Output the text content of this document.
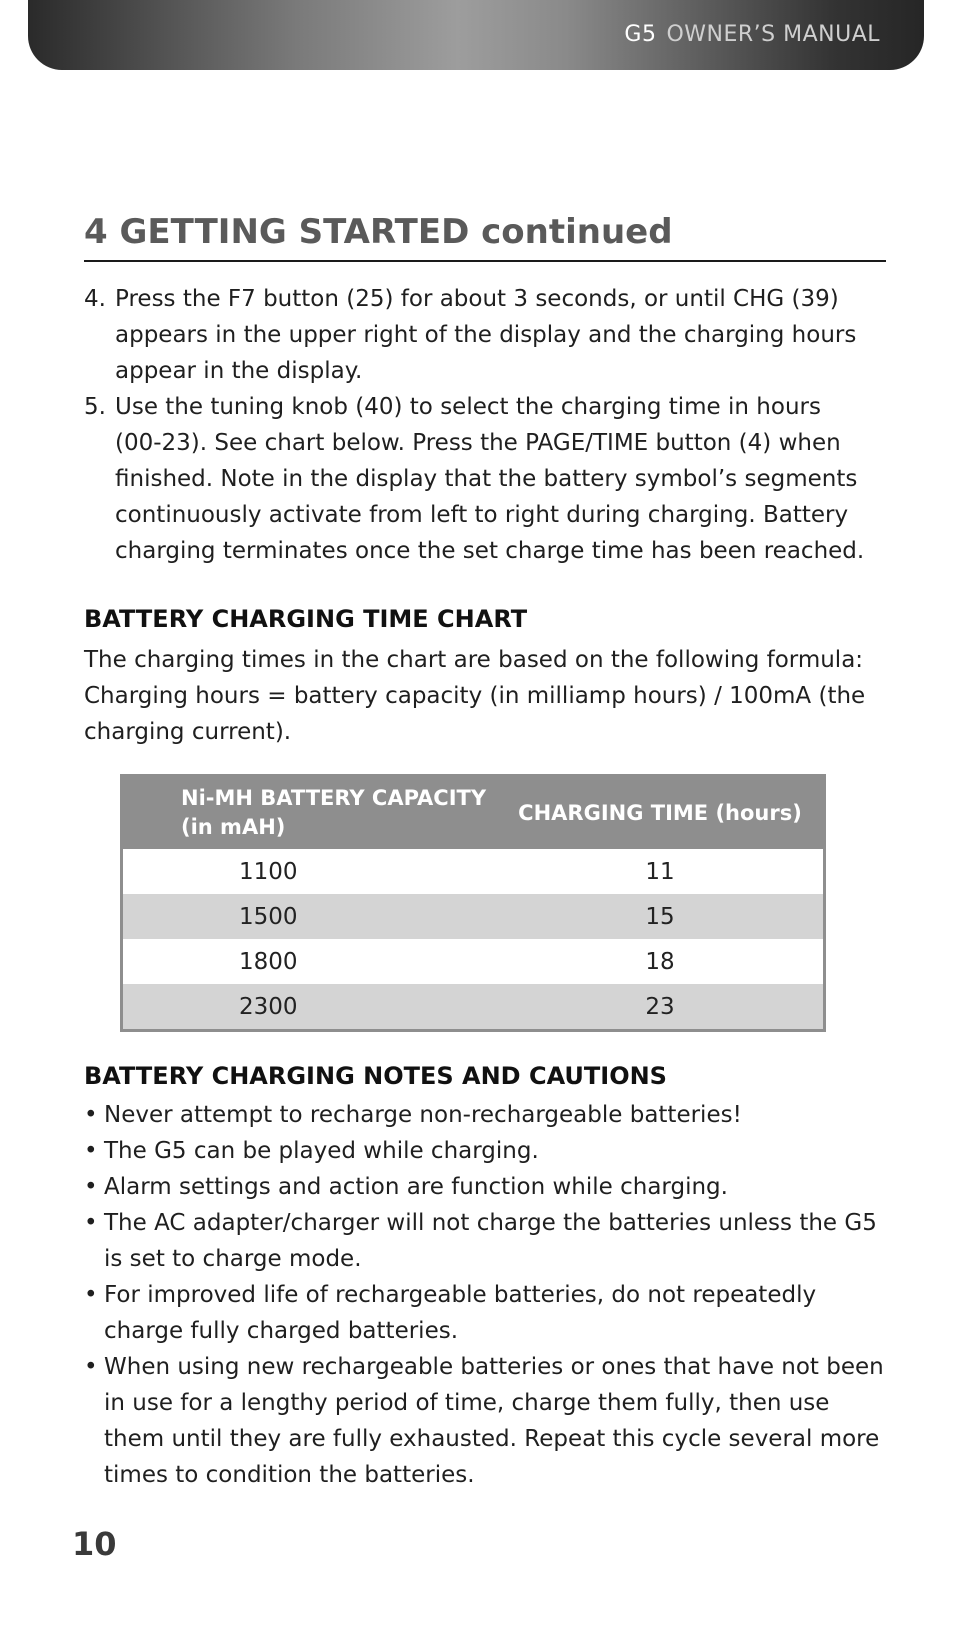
G5 OWNER’S MANUAL
4 GETTING STARTED continued
4. Press the F7 button (25) for about 3 seconds, or until CHG (39) appears in the upper right of the display and the charging hours appear in the display.
5. Use the tuning knob (40) to select the charging time in hours (00-23). See chart below. Press the PAGE/TIME button (4) when finished. Note in the display that the battery symbol’s segments continuously activate from left to right during charging. Battery charging terminates once the set charge time has been reached.
BATTERY CHARGING TIME CHART

The charging times in the chart are based on the following formula: Charging hours = battery capacity (in milliamp hours) / 100mA (the charging current).

Ni-MH BATTERY CAPACITY (in mAH)	CHARGING TIME (hours)
1100	11
1500	15
1800	18
2300	23
BATTERY CHARGING NOTES AND CAUTIONS
• Never attempt to recharge non-rechargeable batteries!
• The G5 can be played while charging.
• Alarm settings and action are function while charging.
• The AC adapter/charger will not charge the batteries unless the G5 is set to charge mode.
• For improved life of rechargeable batteries, do not repeatedly charge fully charged batteries.
• When using new rechargeable batteries or ones that have not been in use for a lengthy period of time, charge them fully, then use them until they are fully exhausted. Repeat this cycle several more times to condition the batteries.
10
